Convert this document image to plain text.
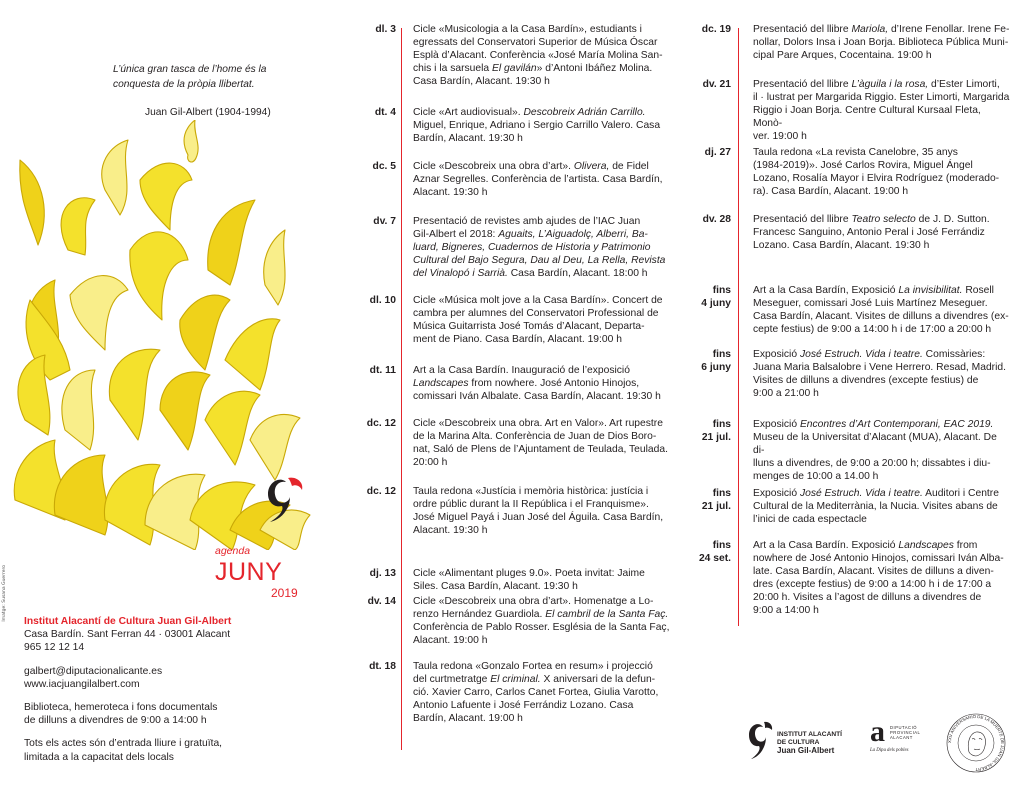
L’única gran tasca de l’home és la conquesta de la pròpia llibertat.
Juan Gil-Albert (1904-1994)
Imatge: Susana Guerrero
agenda
JUNY
2019

Institut Alacantí de Cultura Juan Gil-Albert
Casa Bardín. Sant Ferran 44 · 03001 Alacant
965 12 12 14

galbert@diputacionalicante.es
www.iacjuangilalbert.com

Biblioteca, hemeroteca i fons documentals
de dilluns a divendres de 9:00 a 14:00 h

Tots els actes són d’entrada lliure i gratuïta,
limitada a la capacitat dels locals

dl. 3 Cicle «Musicologia a la Casa Bardín», estudiants i
egressats del Conservatori Superior de Música Óscar
Esplà d’Alacant. Conferència «José María Molina San-
chis i la sarsuela El gavilán» d’Antoni Ibáñez Molina.
Casa Bardín, Alacant. 19:30 h
dt. 4 Cicle «Art audiovisual». Descobreix Adrián Carrillo.
Miguel, Enrique, Adriano i Sergio Carrillo Valero. Casa
Bardín, Alacant. 19:30 h
dc. 5 Cicle «Descobreix una obra d’art». Olivera, de Fidel
Aznar Segrelles. Conferència de l’artista. Casa Bardín,
Alacant. 19:30 h
dv. 7 Presentació de revistes amb ajudes de l’IAC Juan
Gil-Albert el 2018: Aguaits, L’Aiguadolç, Alberri, Ba-
luard, Bigneres, Cuadernos de Historia y Patrimonio
Cultural del Bajo Segura, Dau al Deu, La Rella, Revista
del Vinalopó i Sarrià. Casa Bardín, Alacant. 18:00 h
dl. 10 Cicle «Música molt jove a la Casa Bardín». Concert de
cambra per alumnes del Conservatori Professional de
Música Guitarrista José Tomás d’Alacant, Departa-
ment de Piano. Casa Bardín, Alacant. 19:00 h
dt. 11 Art a la Casa Bardín. Inauguració de l’exposició
Landscapes from nowhere. José Antonio Hinojos,
comissari Iván Albalate. Casa Bardín, Alacant. 19:30 h
dc. 12 Cicle «Descobreix una obra. Art en Valor». Art rupestre
de la Marina Alta. Conferència de Juan de Dios Boro-
nat, Saló de Plens de l’Ajuntament de Teulada, Teulada.
20:00 h
dc. 12 Taula redona «Justícia i memòria històrica: justícia i
ordre públic durant la II República i el Franquisme».
José Miguel Payá i Juan José del Águila. Casa Bardín,
Alacant. 19:30 h
dj. 13 Cicle «Alimentant pluges 9.0». Poeta invitat: Jaime
Siles. Casa Bardín, Alacant. 19:30 h
dv. 14 Cicle «Descobreix una obra d’art». Homenatge a Lo-
renzo Hernández Guardiola. El cambril de la Santa Faç.
Conferència de Pablo Rosser. Església de la Santa Faç,
Alacant. 19:00 h
dt. 18 Taula redona «Gonzalo Fortea en resum» i projecció
del curtmetratge El criminal. X aniversari de la defun-
ció. Xavier Carro, Carlos Canet Fortea, Giulia Varotto,
Antonio Lafuente i José Ferrándiz Lozano. Casa
Bardín, Alacant. 19:00 h
dc. 19 Presentació del llibre Mariola, d’Irene Fenollar. Irene Fe-
nollar, Dolors Insa i Joan Borja. Biblioteca Pública Muni-
cipal Pare Arques, Cocentaina. 19:00 h
dv. 21 Presentació del llibre L’àguila i la rosa, d’Ester Limorti,
il · lustrat per Margarida Riggio. Ester Limorti, Margarida
Riggio i Joan Borja. Centre Cultural Kursaal Fleta, Monò-
ver. 19:00 h
dj. 27 Taula redona «La revista Canelobre, 35 anys
(1984-2019)». José Carlos Rovira, Miguel Ángel
Lozano, Rosalía Mayor i Elvira Rodríguez (moderado-
ra). Casa Bardín, Alacant. 19:00 h
dv. 28 Presentació del llibre Teatro selecto de J. D. Sutton.
Francesc Sanguino, Antonio Peral i José Ferrándiz
Lozano. Casa Bardín, Alacant. 19:30 h
fins
4 juny
Art a la Casa Bardín, Exposició La invisibilitat. Rosell
Meseguer, comissari José Luis Martínez Meseguer.
Casa Bardín, Alacant. Visites de dilluns a divendres (ex-
cepte festius) de 9:00 a 14:00 h i de 17:00 a 20:00 h
fins
6 juny
Exposició José Estruch. Vida i teatre. Comissàries:
Juana Maria Balsalobre i Vene Herrero. Resad, Madrid.
Visites de dilluns a divendres (excepte festius) de
9:00 a 21:00 h
fins
21 jul.
Exposició Encontres d’Art Contemporani, EAC 2019.
Museu de la Universitat d’Alacant (MUA), Alacant. De di-
lluns a divendres, de 9:00 a 20:00 h; dissabtes i diu-
menges de 10:00 a 14.00 h
fins
21 jul.
Exposició José Estruch. Vida i teatre. Auditori i Centre
Cultural de la Mediterrània, la Nucia. Visites abans de
l’inici de cada espectacle
fins
24 set.
Art a la Casa Bardín. Exposició Landscapes from
nowhere de José Antonio Hinojos, comissari Iván Alba-
late. Casa Bardín, Alacant. Visites de dilluns a diven-
dres (excepte festius) de 9:00 a 14:00 h i de 17:00 a
20:00 h. Visites a l’agost de dilluns a divendres de
9:00 a 14:00 h
INSTITUT ALACANTÍ
DE CULTURA
Juan Gil-Albert
a DIPUTACIÓ
PROVINCIAL
ALACANT
La Dipu dels pobles
XXV ANIVERSARIO DE LA MUERTE DE JUAN GIL-ALBERT
